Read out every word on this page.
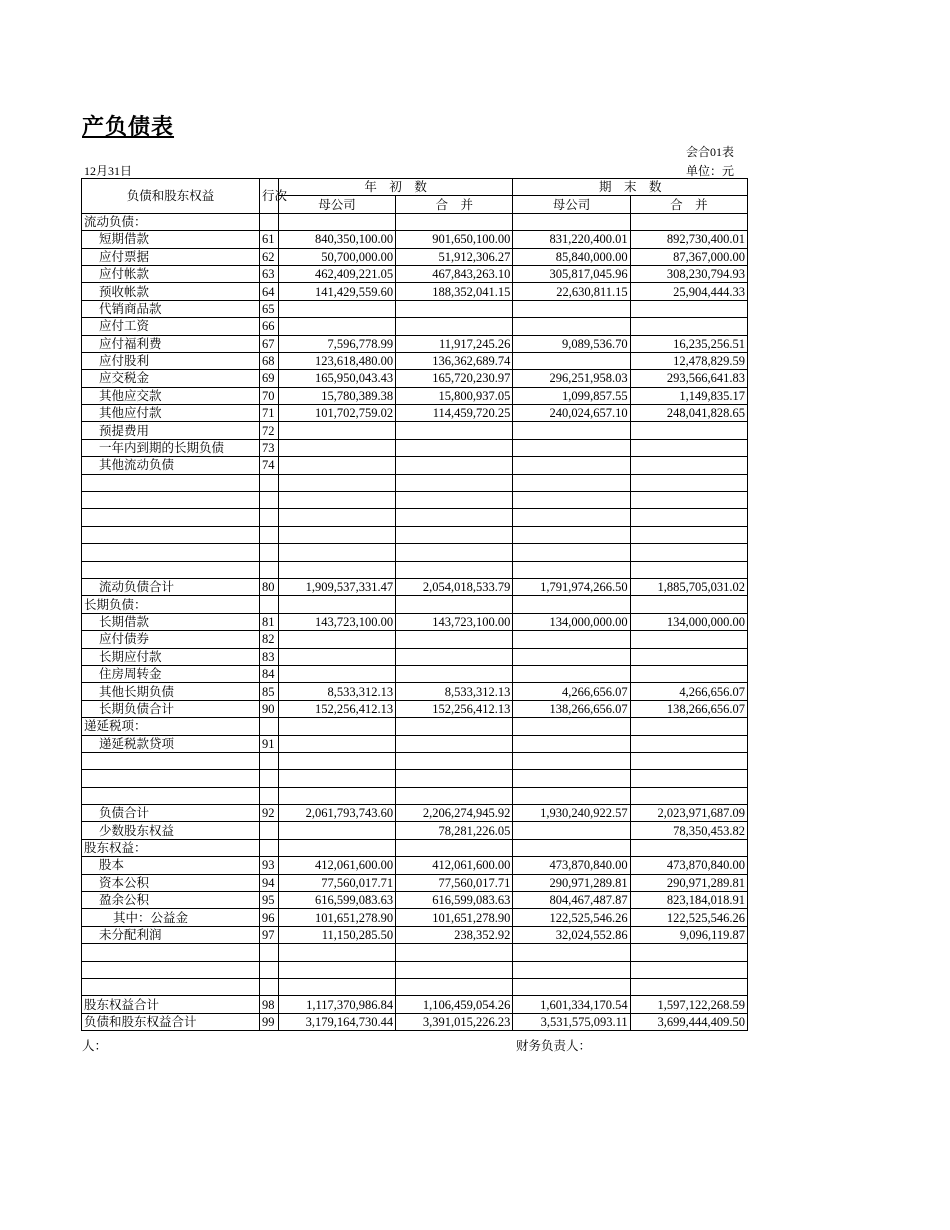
产负债表
会合01表
12月31日	单位：元
负债和股东权益	行次	年　初　数		期　末　数	
		母公司	合　并	母公司	合　并
流动负债：					
短期借款	61	840,350,100.00	901,650,100.00	831,220,400.01	892,730,400.01
应付票据	62	50,700,000.00	51,912,306.27	85,840,000.00	87,367,000.00
应付帐款	63	462,409,221.05	467,843,263.10	305,817,045.96	308,230,794.93
预收帐款	64	141,429,559.60	188,352,041.15	22,630,811.15	25,904,444.33
代销商品款	65				
应付工资	66				
应付福利费	67	7,596,778.99	11,917,245.26	9,089,536.70	16,235,256.51
应付股利	68	123,618,480.00	136,362,689.74		12,478,829.59
应交税金	69	165,950,043.43	165,720,230.97	296,251,958.03	293,566,641.83
其他应交款	70	15,780,389.38	15,800,937.05	1,099,857.55	1,149,835.17
其他应付款	71	101,702,759.02	114,459,720.25	240,024,657.10	248,041,828.65
预提费用	72				
一年内到期的长期负债	73				
其他流动负债	74				

流动负债合计	80	1,909,537,331.47	2,054,018,533.79	1,791,974,266.50	1,885,705,031.02
长期负债：					
长期借款	81	143,723,100.00	143,723,100.00	134,000,000.00	134,000,000.00
应付债券	82				
长期应付款	83				
住房周转金	84				
其他长期负债	85	8,533,312.13	8,533,312.13	4,266,656.07	4,266,656.07
长期负债合计	90	152,256,412.13	152,256,412.13	138,266,656.07	138,266,656.07
递延税项：					
递延税款贷项	91				

负债合计	92	2,061,793,743.60	2,206,274,945.92	1,930,240,922.57	2,023,971,687.09
少数股东权益			78,281,226.05		78,350,453.82
股东权益：					
股本	93	412,061,600.00	412,061,600.00	473,870,840.00	473,870,840.00
资本公积	94	77,560,017.71	77,560,017.71	290,971,289.81	290,971,289.81
盈余公积	95	616,599,083.63	616,599,083.63	804,467,487.87	823,184,018.91
其中：公益金	96	101,651,278.90	101,651,278.90	122,525,546.26	122,525,546.26
未分配利润	97	11,150,285.50	238,352.92	32,024,552.86	9,096,119.87

股东权益合计	98	1,117,370,986.84	1,106,459,054.26	1,601,334,170.54	1,597,122,268.59
负债和股东权益合计	99	3,179,164,730.44	3,391,015,226.23	3,531,575,093.11	3,699,444,409.50
人：	财务负责人：
